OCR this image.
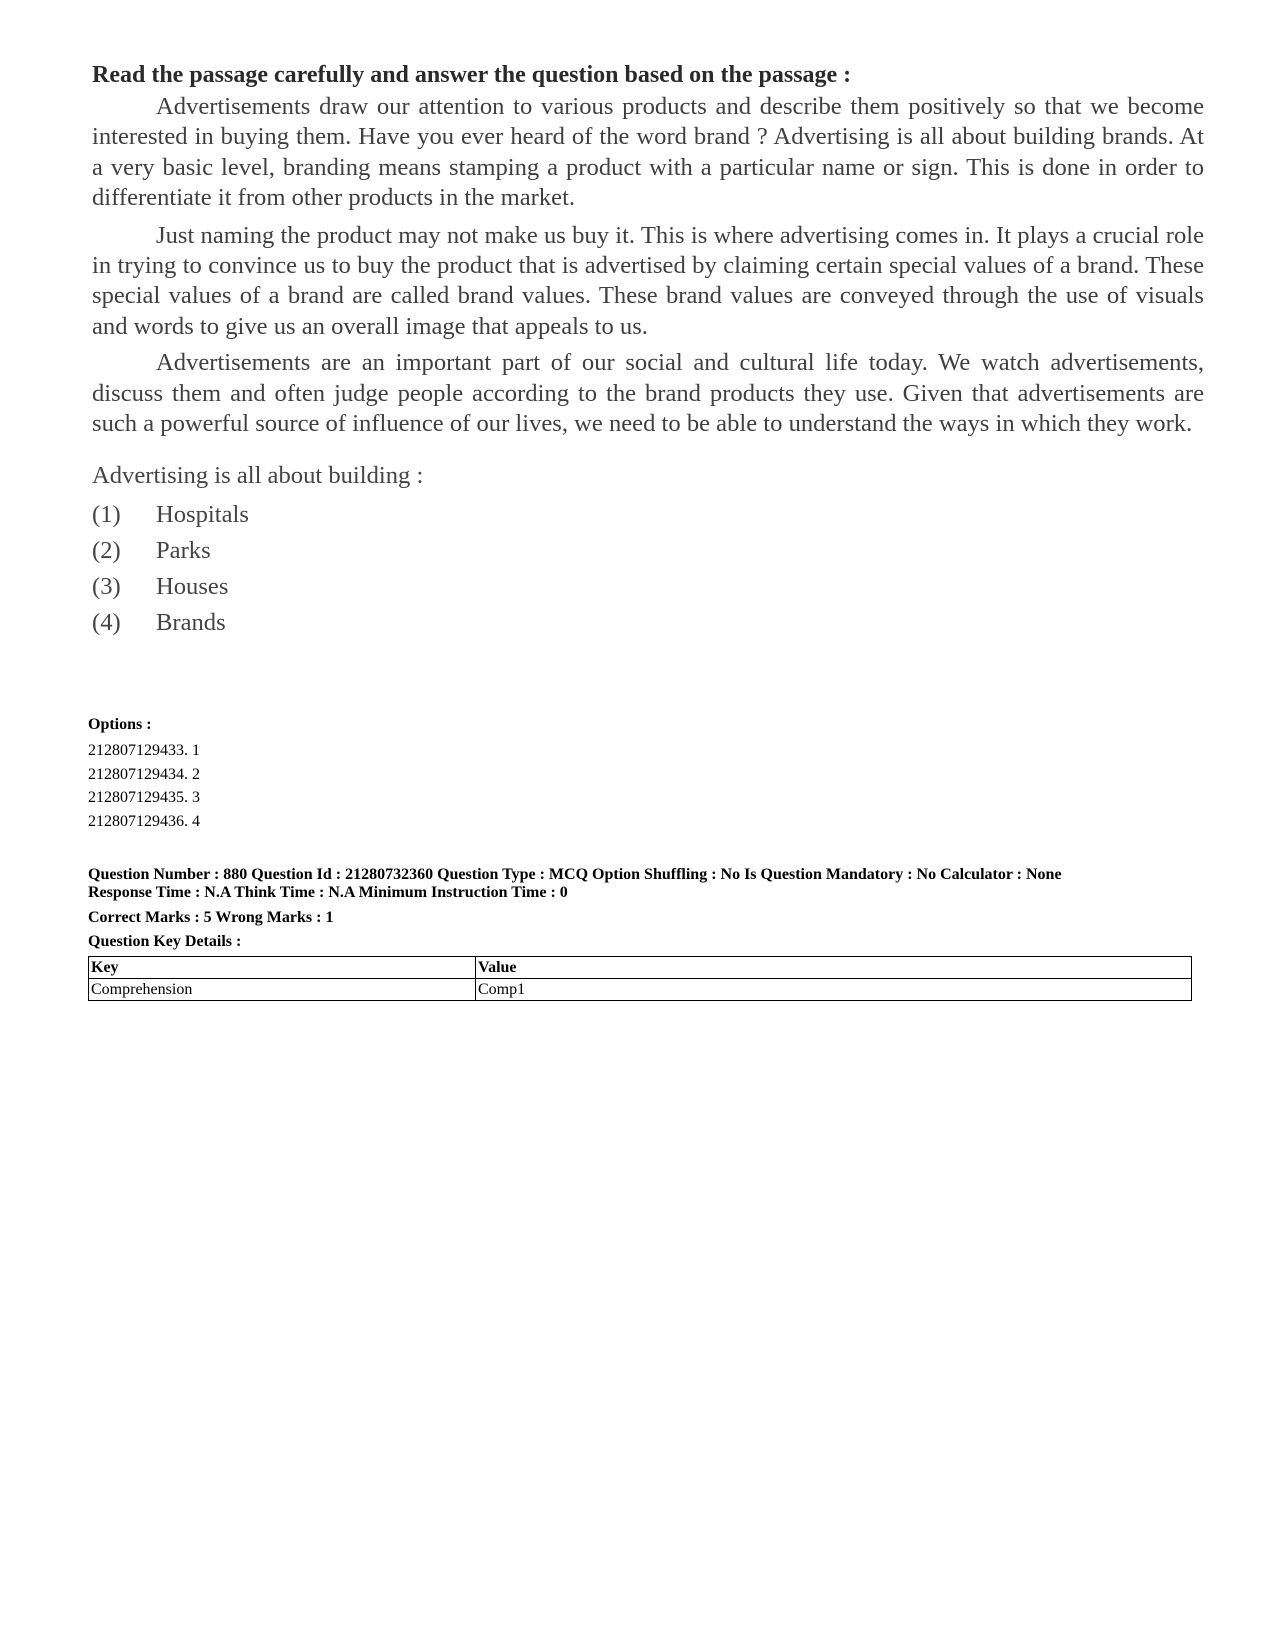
Read the passage carefully and answer the question based on the passage :

Advertisements draw our attention to various products and describe them positively so that we become interested in buying them. Have you ever heard of the word brand ? Advertising is all about building brands. At a very basic level, branding means stamping a product with a particular name or sign. This is done in order to differentiate it from other products in the market.

Just naming the product may not make us buy it. This is where advertising comes in. It plays a crucial role in trying to convince us to buy the product that is advertised by claiming certain special values of a brand. These special values of a brand are called brand values. These brand values are conveyed through the use of visuals and words to give us an overall image that appeals to us.

Advertisements are an important part of our social and cultural life today. We watch advertisements, discuss them and often judge people according to the brand products they use. Given that advertisements are such a powerful source of influence of our lives, we need to be able to understand the ways in which they work.

Advertising is all about building :
(1)	Hospitals
(2)	Parks
(3)	Houses
(4)	Brands
Options :
212807129433. 1
212807129434. 2
212807129435. 3
212807129436. 4
Question Number : 880 Question Id : 21280732360 Question Type : MCQ Option Shuffling : No Is Question Mandatory : No Calculator : None
Response Time : N.A Think Time : N.A Minimum Instruction Time : 0
Correct Marks : 5 Wrong Marks : 1
Question Key Details :
Key	Value
Comprehension	Comp1
